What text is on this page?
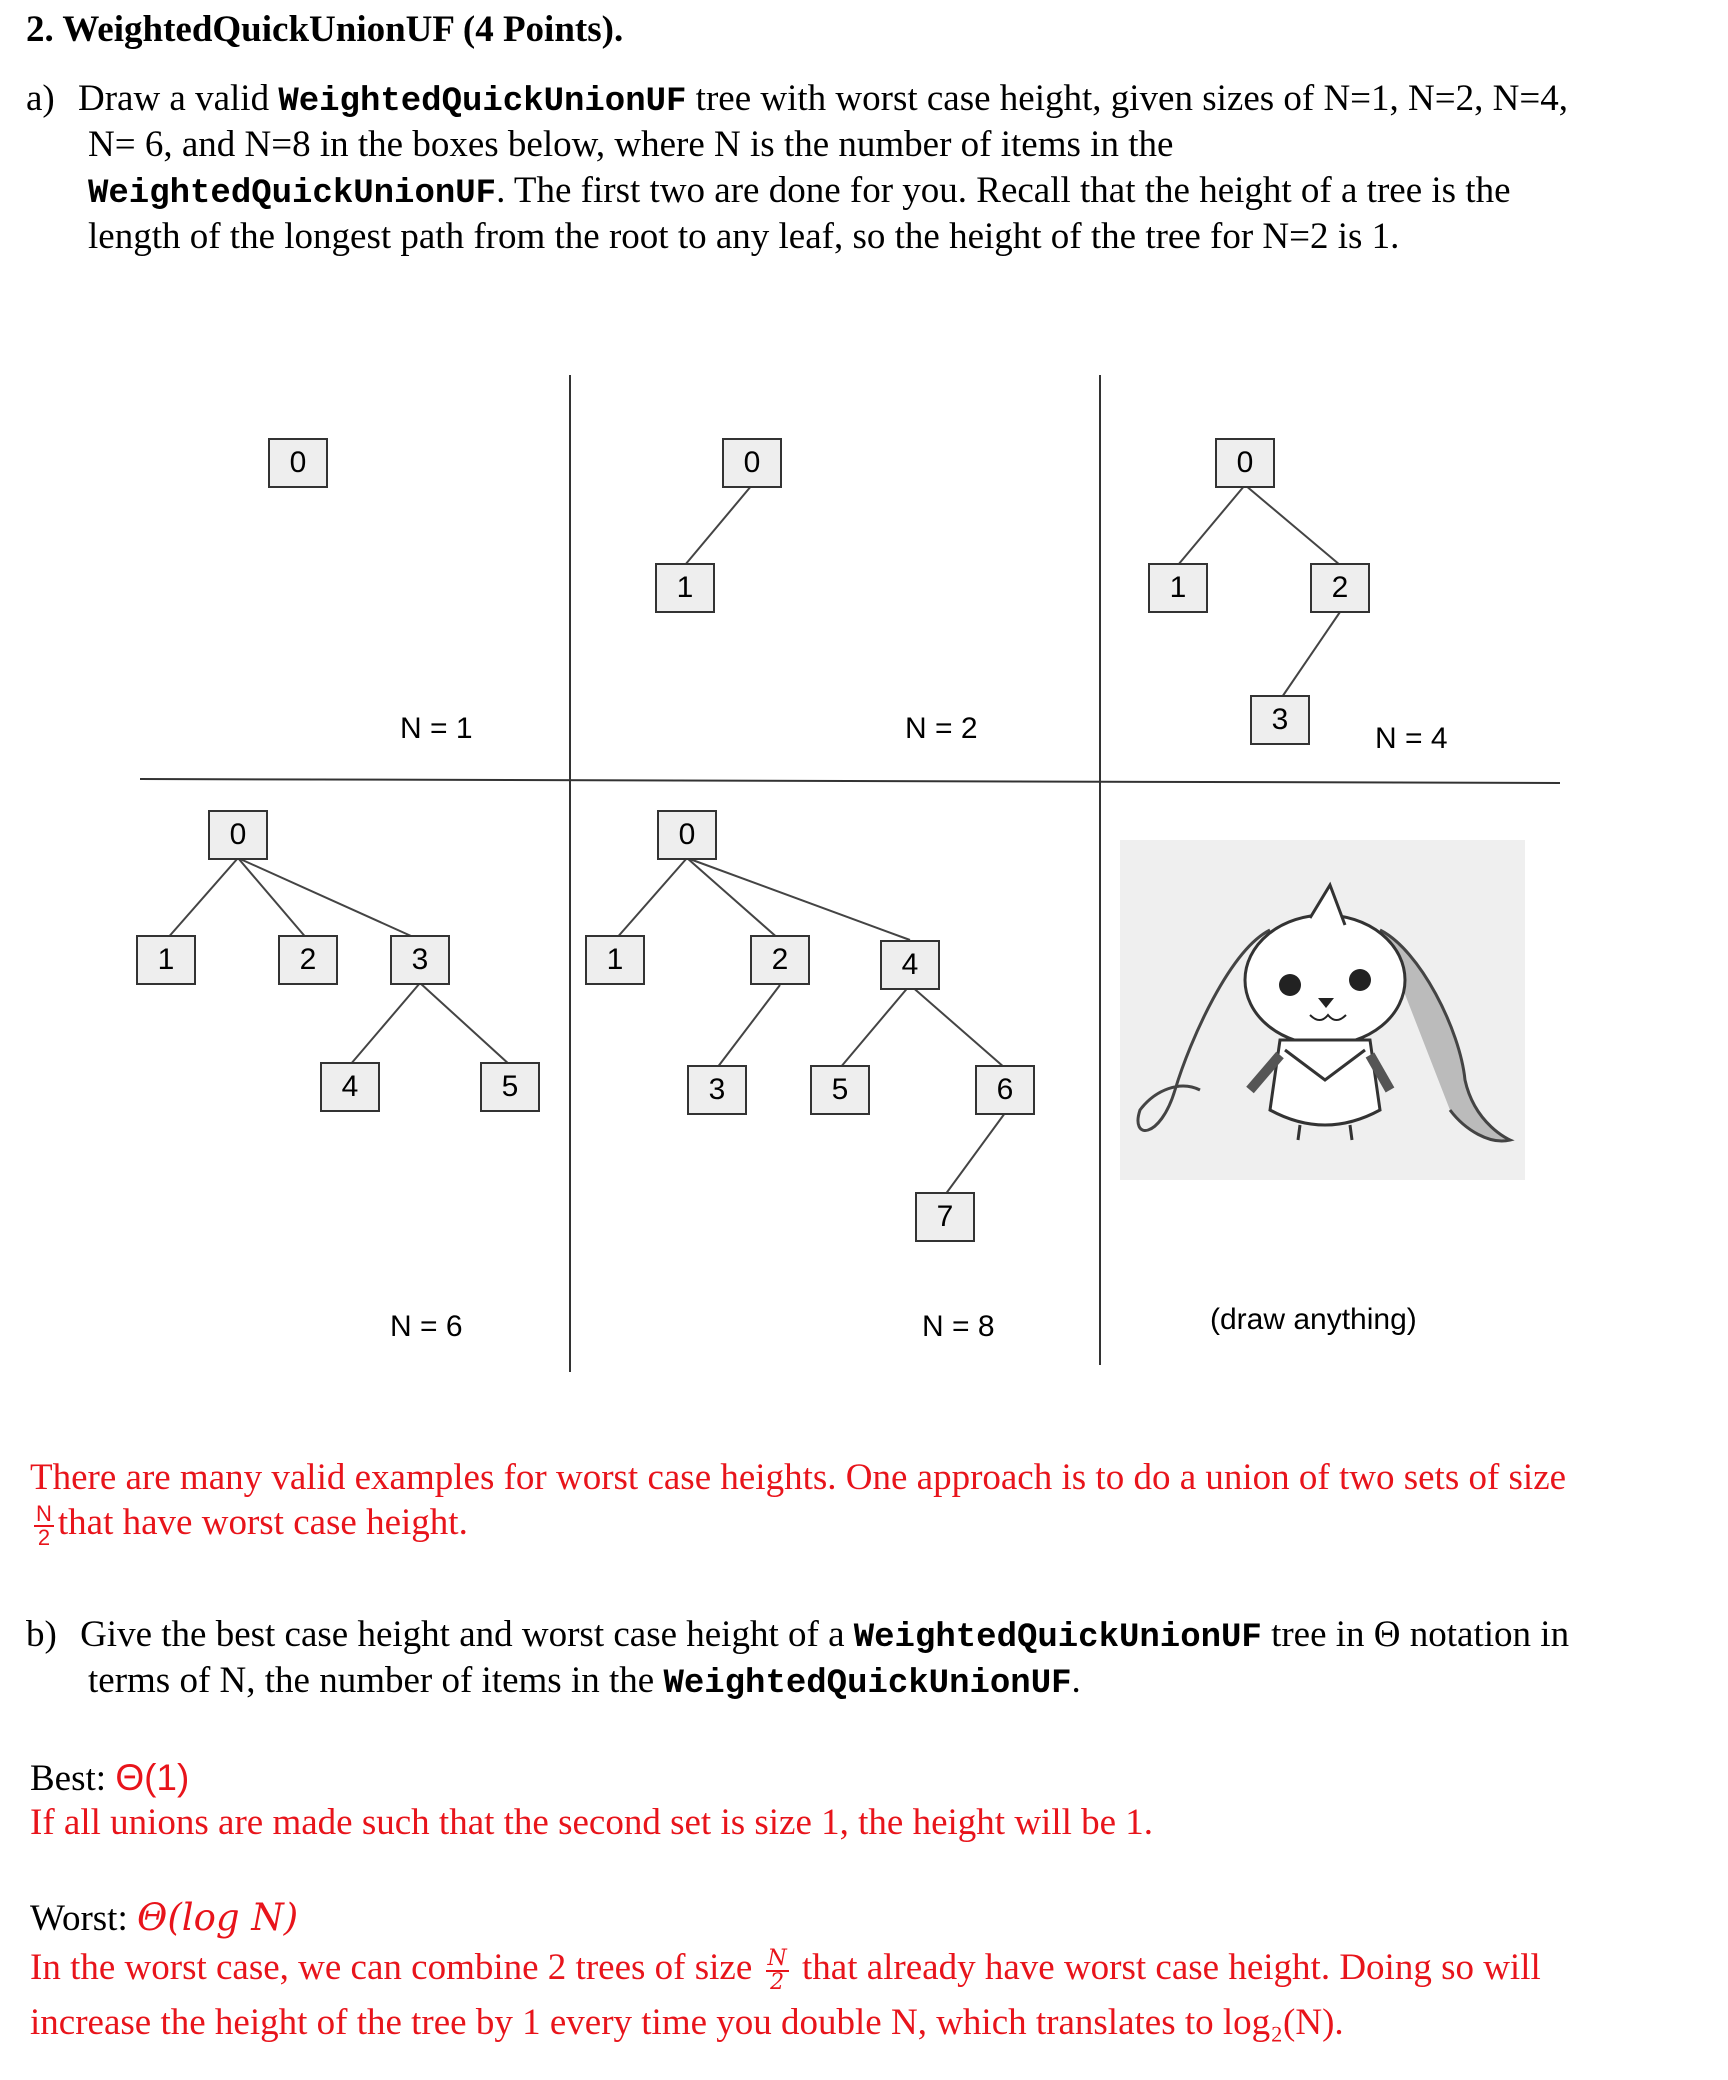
2. WeightedQuickUnionUF (4 Points).
a) Draw a valid WeightedQuickUnionUF tree with worst case height, given sizes of N=1, N=2, N=4,
N= 6, and N=8 in the boxes below, where N is the number of items in the
WeightedQuickUnionUF. The first two are done for you. Recall that the height of a tree is the
length of the longest path from the root to any leaf, so the height of the tree for N=2 is 1.
0
N = 1
0
1
N = 2
0
1	2
3
N = 4
0
1	2	3
4	5
N = 6
0
1	2
3
4
5	6
7
N = 8	(draw anything)
There are many valid examples for worst case heights. One approach is to do a union of two sets of size
$\frac{N}{2}$ that have worst case height.
b) Give the best case height and worst case height of a WeightedQuickUnionUF tree in Θ notation in
terms of N, the number of items in the WeightedQuickUnionUF.
Best: Θ(1)
If all unions are made such that the second set is size 1, the height will be 1.
Worst: Θ(log N)
In the worst case, we can combine 2 trees of size $\frac{N}{2}$ that already have worst case height. Doing so will
increase the height of the tree by 1 every time you double N, which translates to log₂(N).
